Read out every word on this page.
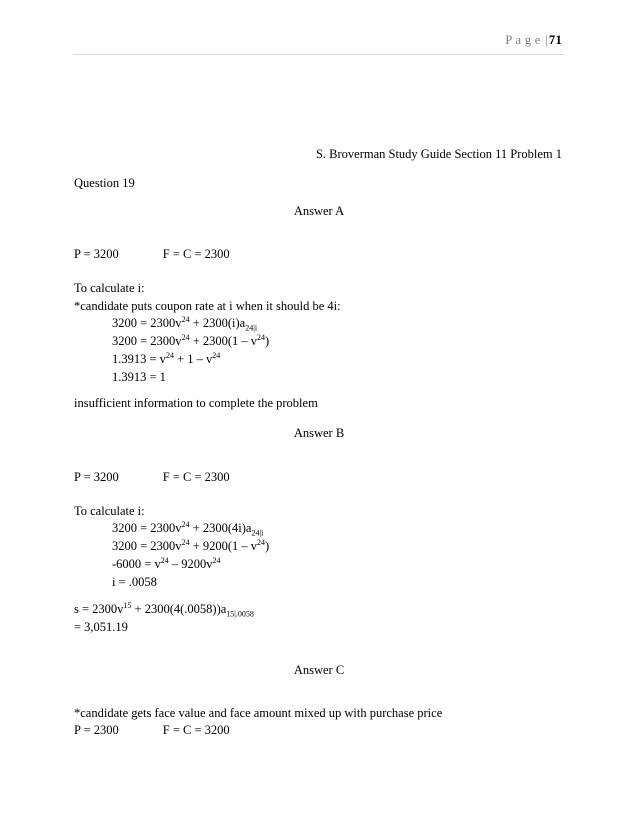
P a g e |71
S. Broverman Study Guide Section 11 Problem 1
Question 19
Answer A
P = 3200	F = C = 2300
To calculate i:
*candidate puts coupon rate at i when it should be 4i:
$3200 = 2300v^{24} + 2300(i)a_{24|i}$
$3200 = 2300v^{24} + 2300(1 - v^{24})$
$1.3913 = v^{24} + 1 - v^{24}$
1.3913 = 1
insufficient information to complete the problem
Answer B
P = 3200	F = C = 2300
To calculate i:
$3200 = 2300v^{24} + 2300(4i)a_{24|i}$
$3200 = 2300v^{24} + 9200(1 - v^{24})$
$-6000 = v^{24} - 9200v^{24}$
i = .0058
$s = 2300v^{15} + 2300(4(.0058))a_{15|.0058}$
= 3,051.19
Answer C
*candidate gets face value and face amount mixed up with purchase price
P = 2300	F = C = 3200
